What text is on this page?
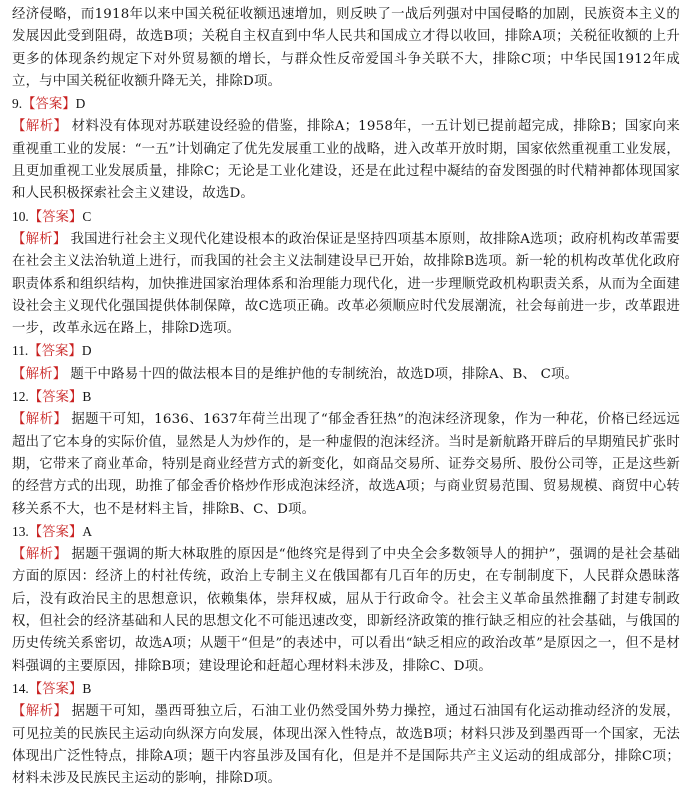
经济侵略，而1918年以来中国关税征收额迅速增加，则反映了一战后列强对中国侵略的加剧，民族资本主义的发展因此受到阻碍，故选B项；关税自主权直到中华人民共和国成立才得以收回，排除A项；关税征收额的上升更多的体现条约规定下对外贸易额的增长，与群众性反帝爱国斗争关联不大，排除C项；中华民国1912年成立，与中国关税征收额升降无关，排除D项。

9.【答案】D

【解析】 材料没有体现对苏联建设经验的借鉴，排除A；1958年，一五计划已提前超完成，排除B；国家向来重视重工业的发展：“一五”计划确定了优先发展重工业的战略，进入改革开放时期，国家依然重视重工业发展，且更加重视工业发展质量，排除C；无论是工业化建设，还是在此过程中凝结的奋发图强的时代精神都体现国家和人民积极探索社会主义建设，故选D。

10.【答案】C

【解析】 我国进行社会主义现代化建设根本的政治保证是坚持四项基本原则，故排除A选项；政府机构改革需要在社会主义法治轨道上进行，而我国的社会主义法制建设早已开始，故排除B选项。新一轮的机构改革优化政府职责体系和组织结构，加快推进国家治理体系和治理能力现代化，进一步理顺党政机构职责关系，从而为全面建设社会主义现代化强国提供体制保障，故C选项正确。改革必须顺应时代发展潮流，社会每前进一步，改革跟进一步，改革永远在路上，排除D选项。

11.【答案】D

【解析】 题干中路易十四的做法根本目的是维护他的专制统治，故选D项，排除A、B、 C项。

12.【答案】B

【解析】 据题干可知，1636、1637年荷兰出现了“郁金香狂热”的泡沫经济现象，作为一种花，价格已经远远超出了它本身的实际价值，显然是人为炒作的，是一种虚假的泡沫经济。当时是新航路开辟后的早期殖民扩张时期，它带来了商业革命，特别是商业经营方式的新变化，如商品交易所、证券交易所、股份公司等，正是这些新的经营方式的出现，助推了郁金香价格炒作形成泡沫经济，故选A项；与商业贸易范围、贸易规模、商贸中心转移关系不大，也不是材料主旨，排除B、C、D项。

13.【答案】A

【解析】 据题干强调的斯大林取胜的原因是“他终究是得到了中央全会多数领导人的拥护”，强调的是社会基础方面的原因：经济上的村社传统，政治上专制主义在俄国都有几百年的历史，在专制制度下，人民群众愚昧落后，没有政治民主的思想意识，依赖集体，崇拜权威，屈从于行政命令。社会主义革命虽然推翻了封建专制政权，但社会的经济基础和人民的思想文化不可能迅速改变，即新经济政策的推行缺乏相应的社会基础，与俄国的历史传统关系密切，故选A项；从题干“但是”的表述中，可以看出“缺乏相应的政治改革”是原因之一，但不是材料强调的主要原因，排除B项；建设理论和赶超心理材料未涉及，排除C、D项。

14.【答案】B

【解析】 据题干可知，墨西哥独立后，石油工业仍然受国外势力操控，通过石油国有化运动推动经济的发展，可见拉美的民族民主运动向纵深方向发展，体现出深入性特点，故选B项；材料只涉及到墨西哥一个国家，无法体现出广泛性特点，排除A项；题干内容虽涉及国有化，但是并不是国际共产主义运动的组成部分，排除C项；材料未涉及民族民主运动的影响，排除D项。
